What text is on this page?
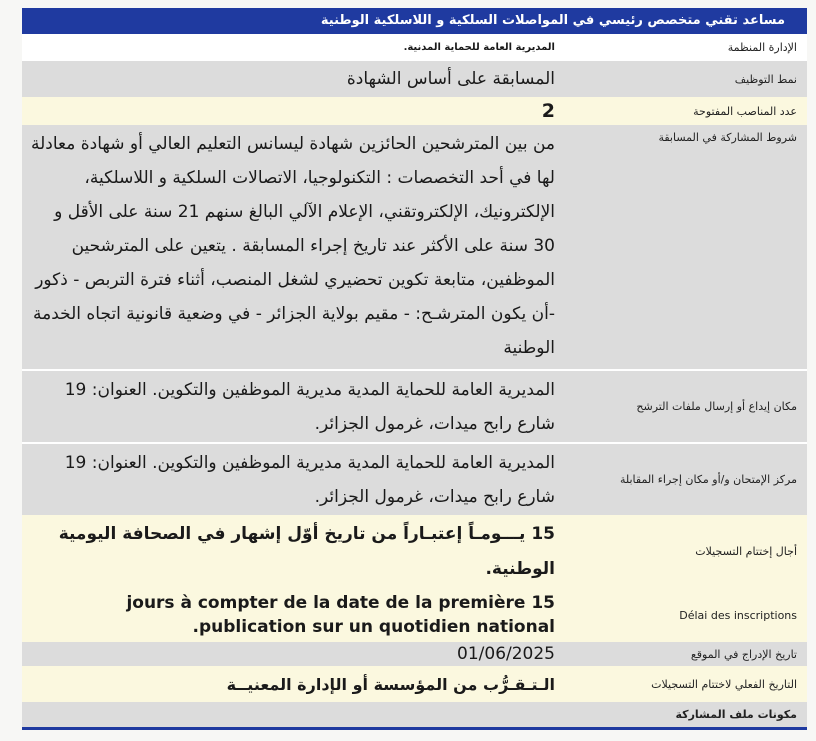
مساعد تقني متخصص رئيسي في المواصلات السلكية و اللاسلكية الوطنية
الإدارة المنظمة	المديرية العامة للحماية المدنية.
نمط التوظيف	المسابقة على أساس الشهادة
عدد المناصب المفتوحة	2
شروط المشاركة في المسابقة	من بين المترشحين الحائزين شهادة ليسانس التعليم العالي أو شهادة معادلة لها في أحد التخصصات : التكنولوجيا، الاتصالات السلكية و اللاسلكية، الإلكترونيك، الإلكتروتقني، الإعلام الآلي البالغ سنهم 21 سنة على الأقل و 30 سنة على الأكثر عند تاريخ إجراء المسابقة . يتعين على المترشحين الموظفين، متابعة تكوين تحضيري لشغل المنصب، أثناء فترة التربص - ذكور -أن يكون المترشـح: - مقيم بولاية الجزائر - في وضعية قانونية اتجاه الخدمة الوطنية
مكان إيداع أو إرسال ملفات الترشح	المديرية العامة للحماية المدية مديرية الموظفين والتكوين. العنوان: 19 شارع رابح ميدات، غرمول الجزائر.
مركز الإمتحان و/أو مكان إجراء المقابلة	المديرية العامة للحماية المدية مديرية الموظفين والتكوين. العنوان: 19 شارع رابح ميدات، غرمول الجزائر.
أجال إختتام التسجيلات	15 يـــومـاً إعتبـاراً من تاريخ أوّل إشهار في الصحافة اليومية الوطنية.
Délai des inscriptions	15 jours à compter de la date de la première publication sur un quotidien national.
تاريخ الإدراج في الموقع	01/06/2025
التاريخ الفعلي لاختتام التسجيلات	الـتـقـرُّب من المؤسسة أو الإدارة المعنيــة
مكونات ملف المشاركة	
